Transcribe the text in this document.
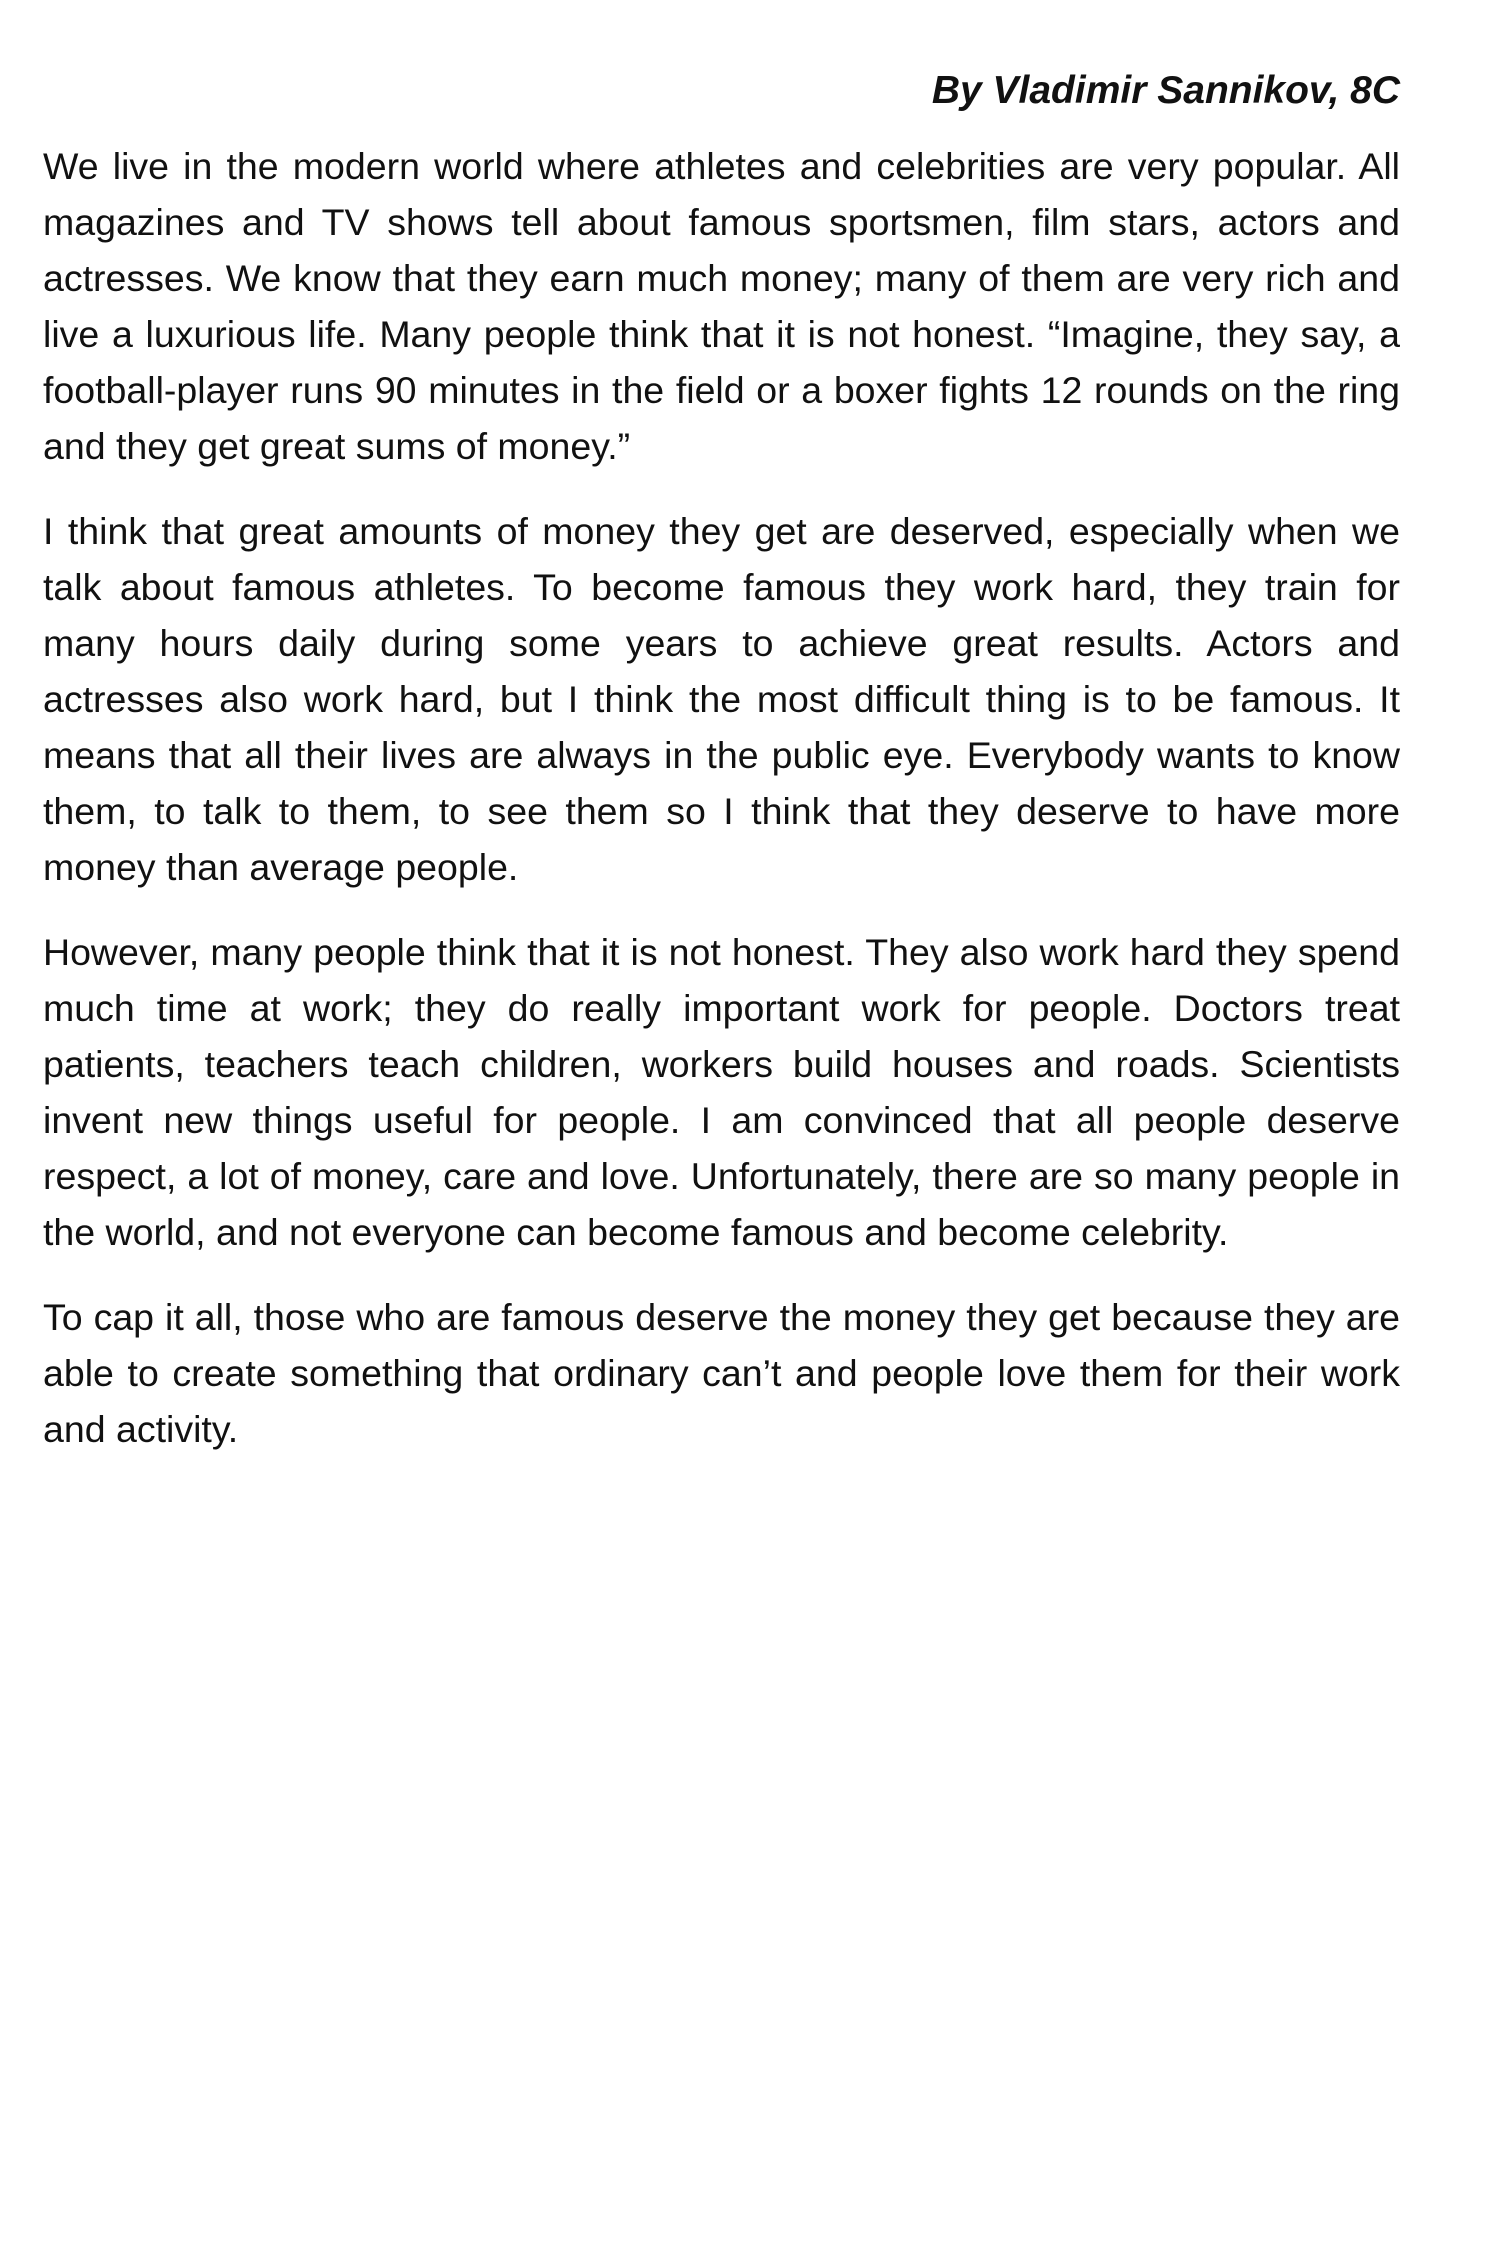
By Vladimir Sannikov, 8C

We live in the modern world where athletes and celebrities are very popular. All magazines and TV shows tell about famous sportsmen, film stars, actors and actresses. We know that they earn much money; many of them are very rich and live a luxurious life. Many people think that it is not honest. “Imagine, they say, a football-player runs 90 minutes in the field or a boxer fights 12 rounds on the ring and they get great sums of money.”

I think that great amounts of money they get are deserved, especially when we talk about famous athletes. To become famous they work hard, they train for many hours daily during some years to achieve great results. Actors and actresses also work hard, but I think the most difficult thing is to be famous. It means that all their lives are always in the public eye. Everybody wants to know them, to talk to them, to see them so I think that they deserve to have more money than average people.

However, many people think that it is not honest. They also work hard they spend much time at work; they do really important work for people. Doctors treat patients, teachers teach children, workers build houses and roads. Scientists invent new things useful for people. I am convinced that all people deserve respect, a lot of money, care and love. Unfortunately, there are so many people in the world, and not everyone can become famous and become celebrity.

To cap it all, those who are famous deserve the money they get because they are able to create something that ordinary can’t and people love them for their work and activity.
